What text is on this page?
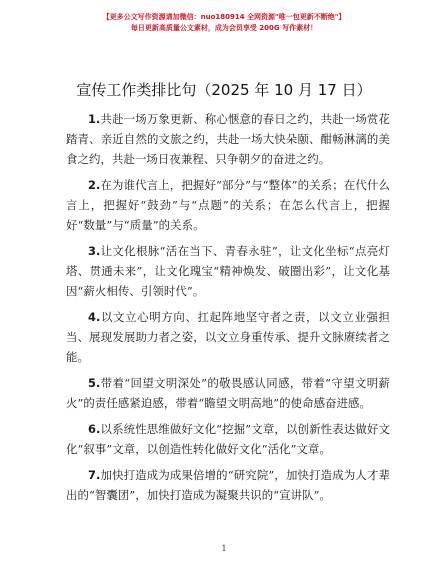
【更多公文写作资源请加微信：nuo180914 全网资源"唯一包更新不断绝"】
每日更新高质量公文素材，成为会员享受 200G 写作素材！
宣传工作类排比句（2025 年 10 月 17 日）

1.共赴一场万象更新、称心惬意的春日之约，共赴一场赏花踏青、亲近自然的文旅之约，共赴一场大快朵颐、酣畅淋漓的美食之约，共赴一场日夜兼程、只争朝夕的奋进之约。

2.在为谁代言上，把握好“部分”与“整体”的关系；在代什么言上，把握好“鼓劲”与“点题”的关系；在怎么代言上，把握好“数量”与“质量”的关系。

3.让文化根脉“活在当下、青春永驻”，让文化坐标“点亮灯塔、贯通未来”，让文化瑰宝“精神焕发、破圈出彩”，让文化基因“薪火相传、引领时代”。

4.以文立心明方向、扛起阵地坚守者之责，以文立业强担当、展现发展助力者之姿，以文立身重传承、提升文脉赓续者之能。

5.带着“回望文明深处”的敬畏感认同感，带着“守望文明薪火”的责任感紧迫感，带着“瞻望文明高地”的使命感奋进感。

6.以系统性思维做好文化“挖掘”文章，以创新性表达做好文化“叙事”文章，以创造性转化做好文化“活化”文章。

7.加快打造成为成果倍增的“研究院”，加快打造成为人才辈出的“智囊团”，加快打造成为凝聚共识的“宣讲队”。

1
